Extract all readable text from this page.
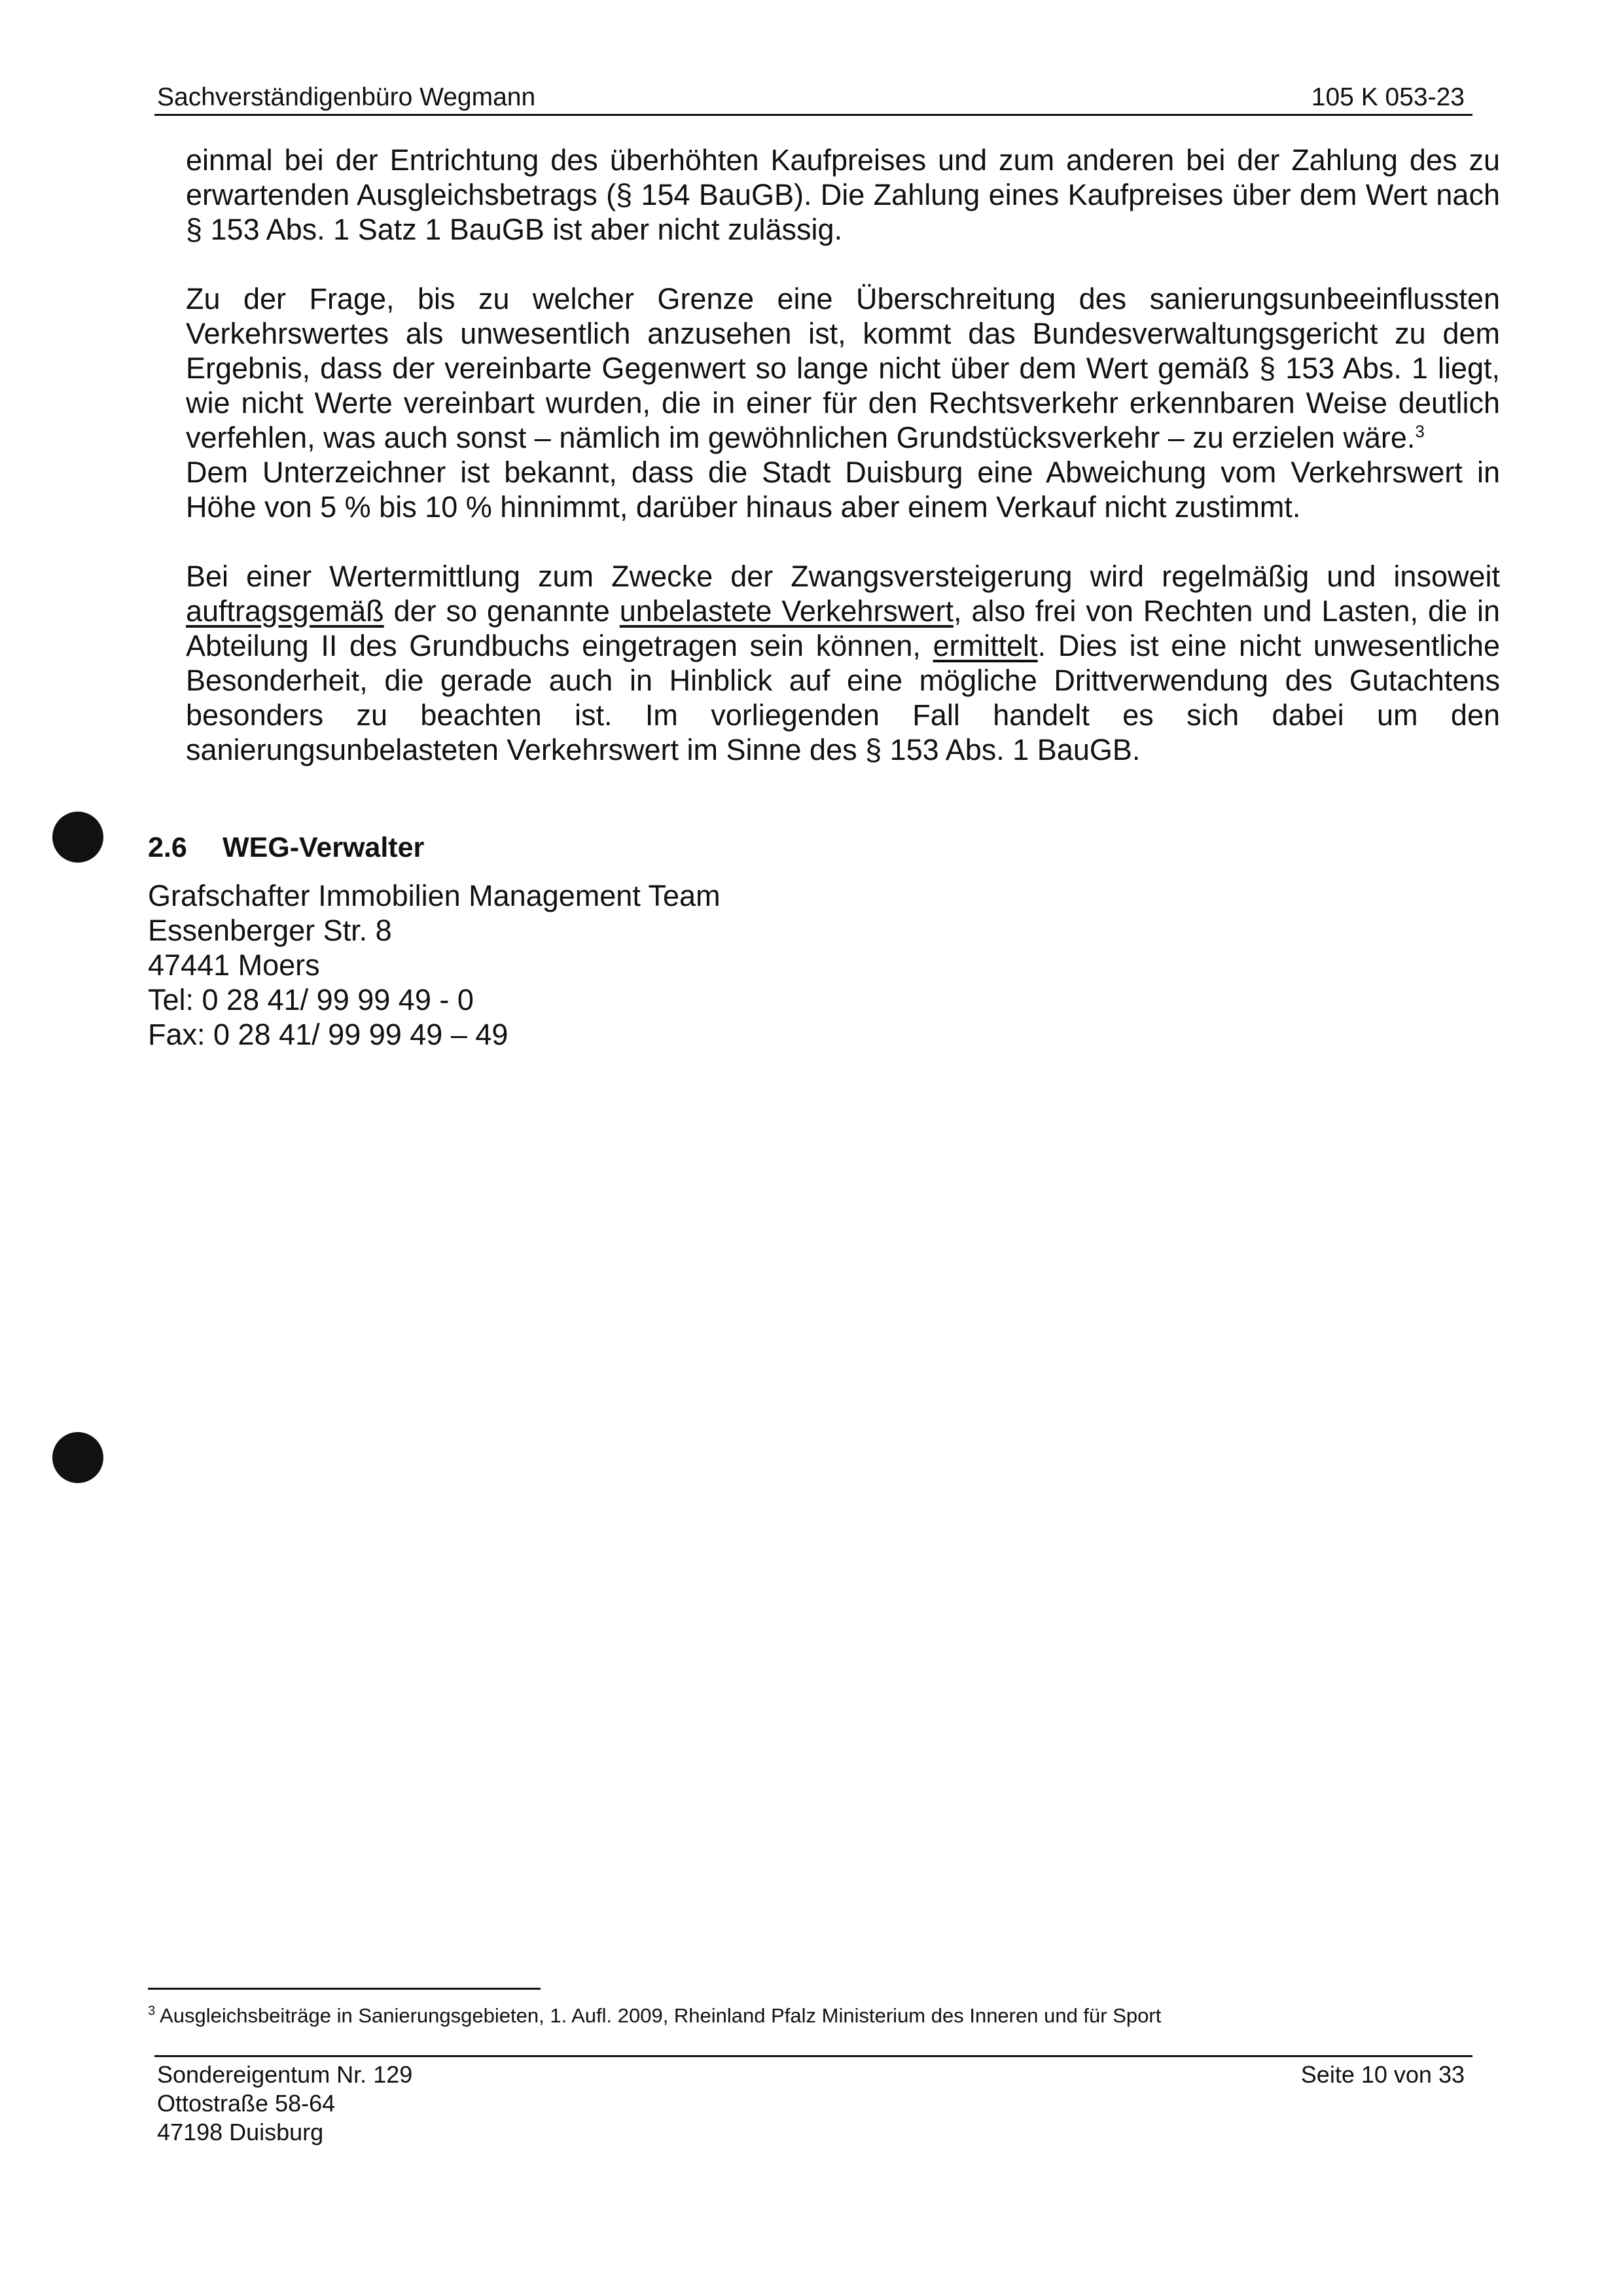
Sachverständigenbüro Wegmann	105 K 053-23

einmal bei der Entrichtung des überhöhten Kaufpreises und zum anderen bei der Zahlung des zu erwartenden Ausgleichsbetrags (§ 154 BauGB). Die Zahlung eines Kaufpreises über dem Wert nach § 153 Abs. 1 Satz 1 BauGB ist aber nicht zulässig.

Zu der Frage, bis zu welcher Grenze eine Überschreitung des sanierungsunbeeinflussten Verkehrswertes als unwesentlich anzusehen ist, kommt das Bundesverwaltungsgericht zu dem Ergebnis, dass der vereinbarte Gegenwert so lange nicht über dem Wert gemäß § 153 Abs. 1 liegt, wie nicht Werte vereinbart wurden, die in einer für den Rechtsverkehr erkennbaren Weise deutlich verfehlen, was auch sonst – nämlich im gewöhnlichen Grundstücksverkehr – zu erzielen wäre.$^3$
Dem Unterzeichner ist bekannt, dass die Stadt Duisburg eine Abweichung vom Verkehrswert in Höhe von 5 % bis 10 % hinnimmt, darüber hinaus aber einem Verkauf nicht zustimmt.

Bei einer Wertermittlung zum Zwecke der Zwangsversteigerung wird regelmäßig und insoweit auftragsgemäß der so genannte unbelastete Verkehrswert, also frei von Rechten und Lasten, die in Abteilung II des Grundbuchs eingetragen sein können, ermittelt. Dies ist eine nicht unwesentliche Besonderheit, die gerade auch in Hinblick auf eine mögliche Drittverwendung des Gutachtens besonders zu beachten ist. Im vorliegenden Fall handelt es sich dabei um den sanierungsunbelasteten Verkehrswert im Sinne des § 153 Abs. 1 BauGB.

2.6 WEG-Verwalter
Grafschafter Immobilien Management Team
Essenberger Str. 8
47441 Moers
Tel: 0 28 41/ 99 99 49 - 0
Fax: 0 28 41/ 99 99 49 – 49
$^3$ Ausgleichsbeiträge in Sanierungsgebieten, 1. Aufl. 2009, Rheinland Pfalz Ministerium des Inneren und für Sport
Sondereigentum Nr. 129
Ottostraße 58-64
47198 Duisburg
Seite 10 von 33
